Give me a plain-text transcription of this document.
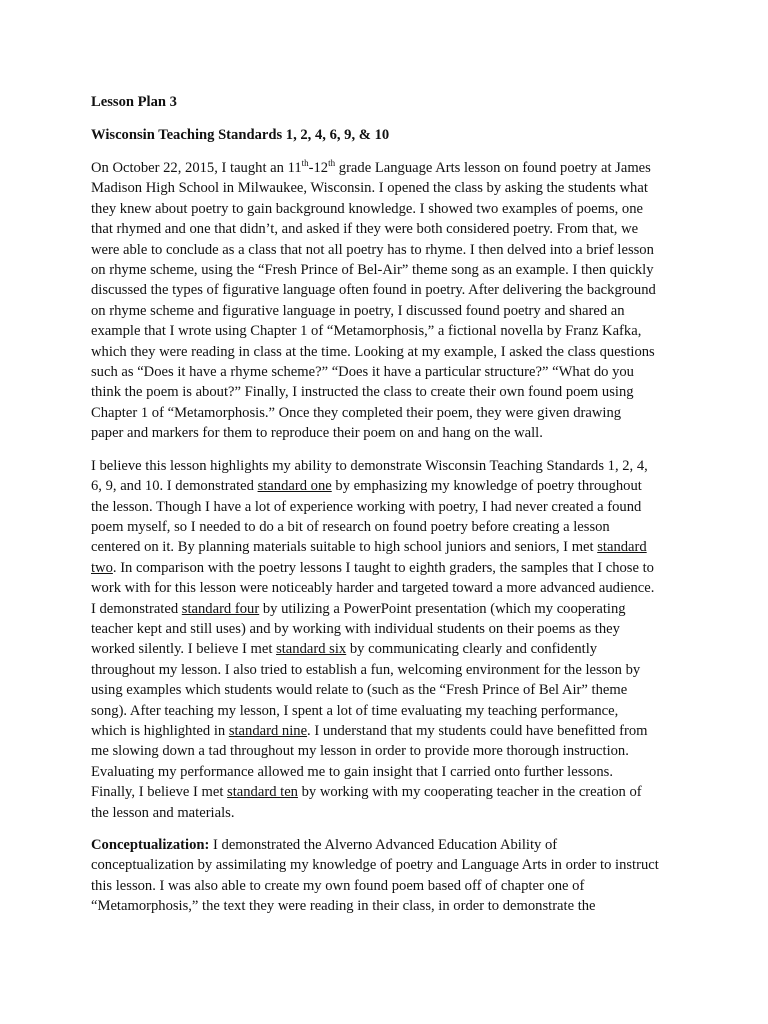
Lesson Plan 3
Wisconsin Teaching Standards 1, 2, 4, 6, 9, & 10
On October 22, 2015, I taught an 11th-12th grade Language Arts lesson on found poetry at James
Madison High School in Milwaukee, Wisconsin. I opened the class by asking the students what
they knew about poetry to gain background knowledge. I showed two examples of poems, one
that rhymed and one that didn’t, and asked if they were both considered poetry. From that, we
were able to conclude as a class that not all poetry has to rhyme. I then delved into a brief lesson
on rhyme scheme, using the “Fresh Prince of Bel-Air” theme song as an example. I then quickly
discussed the types of figurative language often found in poetry. After delivering the background
on rhyme scheme and figurative language in poetry, I discussed found poetry and shared an
example that I wrote using Chapter 1 of “Metamorphosis,” a fictional novella by Franz Kafka,
which they were reading in class at the time. Looking at my example, I asked the class questions
such as “Does it have a rhyme scheme?” “Does it have a particular structure?” “What do you
think the poem is about?” Finally, I instructed the class to create their own found poem using
Chapter 1 of “Metamorphosis.” Once they completed their poem, they were given drawing
paper and markers for them to reproduce their poem on and hang on the wall.
I believe this lesson highlights my ability to demonstrate Wisconsin Teaching Standards 1, 2, 4,
6, 9, and 10. I demonstrated standard one by emphasizing my knowledge of poetry throughout
the lesson. Though I have a lot of experience working with poetry, I had never created a found
poem myself, so I needed to do a bit of research on found poetry before creating a lesson
centered on it. By planning materials suitable to high school juniors and seniors, I met standard
two. In comparison with the poetry lessons I taught to eighth graders, the samples that I chose to
work with for this lesson were noticeably harder and targeted toward a more advanced audience.
I demonstrated standard four by utilizing a PowerPoint presentation (which my cooperating
teacher kept and still uses) and by working with individual students on their poems as they
worked silently. I believe I met standard six by communicating clearly and confidently
throughout my lesson. I also tried to establish a fun, welcoming environment for the lesson by
using examples which students would relate to (such as the “Fresh Prince of Bel Air” theme
song). After teaching my lesson, I spent a lot of time evaluating my teaching performance,
which is highlighted in standard nine. I understand that my students could have benefitted from
me slowing down a tad throughout my lesson in order to provide more thorough instruction.
Evaluating my performance allowed me to gain insight that I carried onto further lessons.
Finally, I believe I met standard ten by working with my cooperating teacher in the creation of
the lesson and materials.
Conceptualization: I demonstrated the Alverno Advanced Education Ability of
conceptualization by assimilating my knowledge of poetry and Language Arts in order to instruct
this lesson. I was also able to create my own found poem based off of chapter one of
“Metamorphosis,” the text they were reading in their class, in order to demonstrate the
